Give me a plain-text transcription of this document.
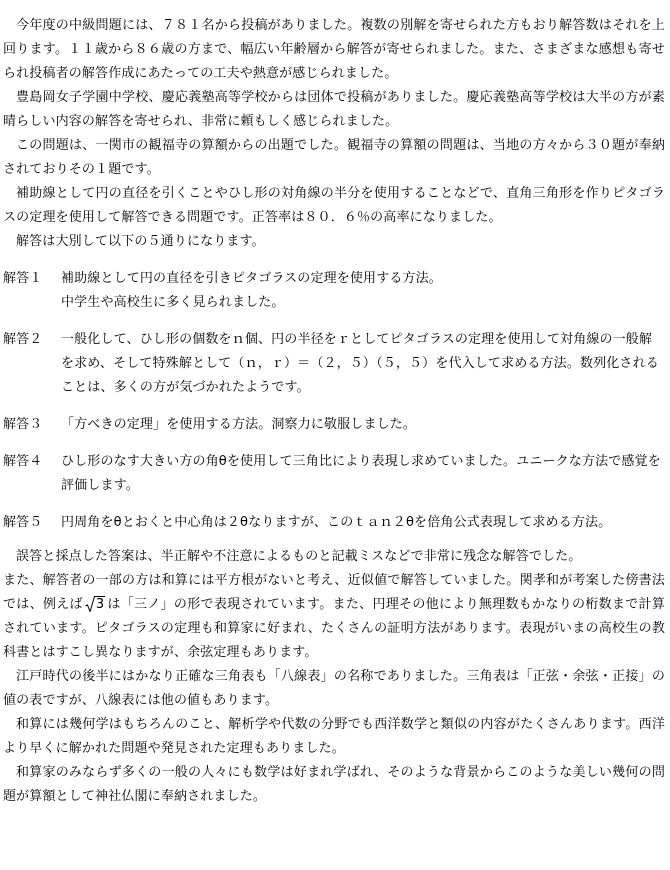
今年度の中級問題には、７８１名から投稿がありました。複数の別解を寄せられた方もおり解答数はそれを上回ります。１１歳から８６歳の方まで、幅広い年齢層から解答が寄せられました。また、さまざまな感想も寄せられ投稿者の解答作成にあたっての工夫や熱意が感じられました。

豊島岡女子学園中学校、慶応義塾高等学校からは団体で投稿がありました。慶応義塾高等学校は大半の方が素晴らしい内容の解答を寄せられ、非常に頼もしく感じられました。

この問題は、一関市の観福寺の算額からの出題でした。観福寺の算額の問題は、当地の方々から３０題が奉納されておりその１題です。

補助線として円の直径を引くことやひし形の対角線の半分を使用することなどで、直角三角形を作りピタゴラスの定理を使用して解答できる問題です。正答率は８０．６％の高率になりました。

解答は大別して以下の５通りになります。

解答１	補助線として円の直径を引きピタゴラスの定理を使用する方法。
中学生や高校生に多く見られました。
解答２	一般化して、ひし形の個数をｎ個、円の半径をｒとしてピタゴラスの定理を使用して対角線の一般解を求め、そして特殊解として（ｎ，ｒ）＝（２，５）（５，５）を代入して求める方法。数列化されることは、多くの方が気づかれたようです。
解答３	「方べきの定理」を使用する方法。洞察力に敬服しました。
解答４	ひし形のなす大きい方の角θを使用して三角比により表現し求めていました。ユニークな方法で感覚を評価します。
解答５	円周角をθとおくと中心角は２θなりますが、このｔａｎ２θを倍角公式表現して求める方法。

誤答と採点した答案は、半正解や不注意によるものと記載ミスなどで非常に残念な解答でした。

また、解答者の一部の方は和算には平方根がないと考え、近似値で解答していました。関孝和が考案した傍書法では、例えば 3 は「三ノ」の形で表現されています。また、円理その他により無理数もかなりの桁数まで計算されています。ピタゴラスの定理も和算家に好まれ、たくさんの証明方法があります。表現がいまの高校生の教科書とはすこし異なりますが、余弦定理もあります。

江戸時代の後半にはかなり正確な三角表も「八線表」の名称でありました。三角表は「正弦・余弦・正接」の値の表ですが、八線表には他の値もあります。

和算には幾何学はもちろんのこと、解析学や代数の分野でも西洋数学と類似の内容がたくさんあります。西洋より早くに解かれた問題や発見された定理もありました。

和算家のみならず多くの一般の人々にも数学は好まれ学ばれ、そのような背景からこのような美しい幾何の問題が算額として神社仏閣に奉納されました。
